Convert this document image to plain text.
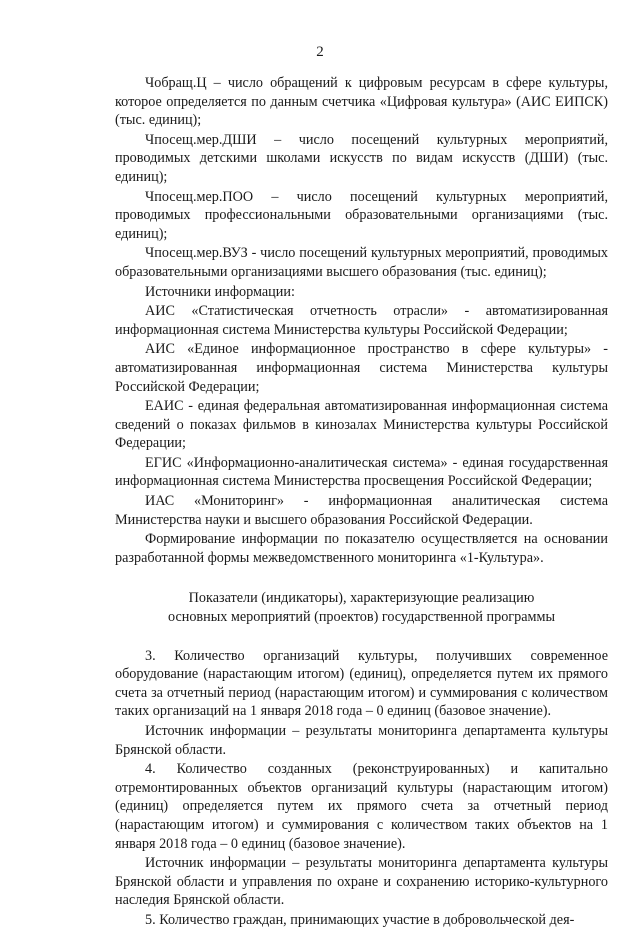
2

Чобращ.Ц – число обращений к цифровым ресурсам в сфере культуры, которое определяется по данным счетчика «Цифровая культура» (АИС ЕИПСК) (тыс. единиц);

Чпосещ.мер.ДШИ – число посещений культурных мероприятий, проводимых детскими школами искусств по видам искусств (ДШИ) (тыс. единиц);

Чпосещ.мер.ПОО – число посещений культурных мероприятий, проводимых профессиональными образовательными организациями (тыс. единиц);

Чпосещ.мер.ВУЗ - число посещений культурных мероприятий, проводимых образовательными организациями высшего образования (тыс. единиц);

Источники информации:

АИС «Статистическая отчетность отрасли» - автоматизированная информационная система Министерства культуры Российской Федерации;

АИС «Единое информационное пространство в сфере культуры» - автоматизированная информационная система Министерства культуры Российской Федерации;

ЕАИС - единая федеральная автоматизированная информационная система сведений о показах фильмов в кинозалах Министерства культуры Российской Федерации;

ЕГИС «Информационно-аналитическая система» - единая государственная информационная система Министерства просвещения Российской Федерации;

ИАС «Мониторинг» - информационная аналитическая система Министерства науки и высшего образования Российской Федерации.

Формирование информации по показателю осуществляется на основании разработанной формы межведомственного мониторинга «1-Культура».

Показатели (индикаторы), характеризующие реализацию
основных мероприятий (проектов) государственной программы

3. Количество организаций культуры, получивших современное оборудование (нарастающим итогом) (единиц), определяется путем их прямого счета за отчетный период (нарастающим итогом) и суммирования с количеством таких организаций на 1 января 2018 года – 0 единиц (базовое значение).

Источник информации – результаты мониторинга департамента культуры Брянской области.

4. Количество созданных (реконструированных) и капитально отремонтированных объектов организаций культуры (нарастающим итогом) (единиц) определяется путем их прямого счета за отчетный период (нарастающим итогом) и суммирования с количеством таких объектов на 1 января 2018 года – 0 единиц (базовое значение).

Источник информации – результаты мониторинга департамента культуры Брянской области и управления по охране и сохранению историко-культурного наследия Брянской области.

5. Количество граждан, принимающих участие в добровольческой дея-
